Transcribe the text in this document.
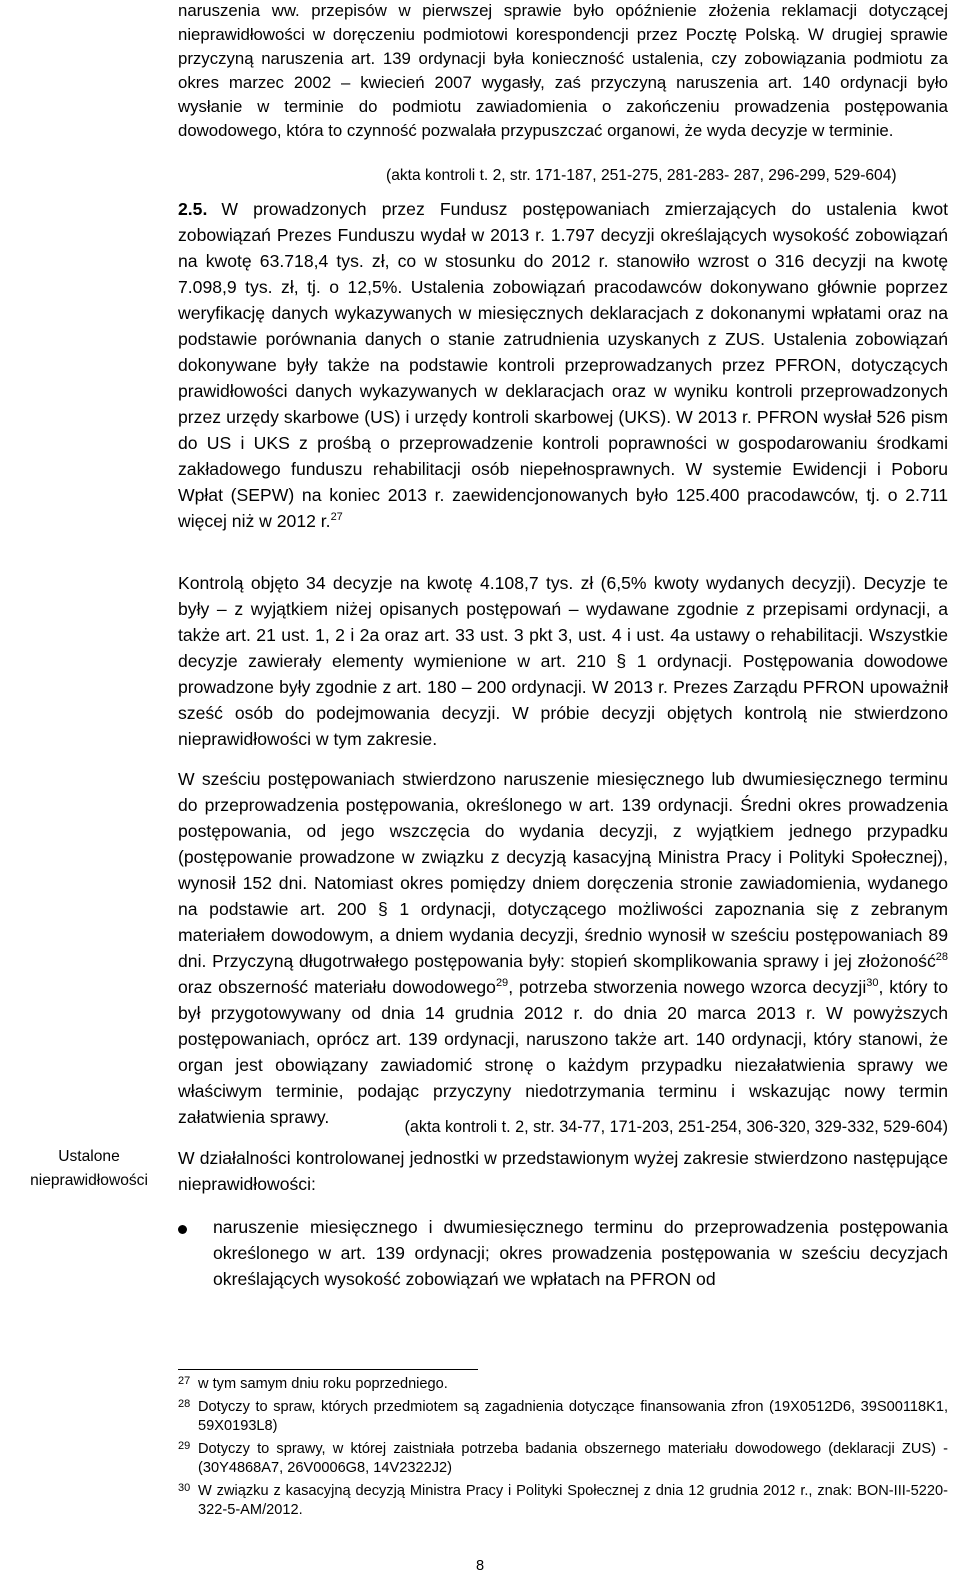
naruszenia ww. przepisów w pierwszej sprawie było opóźnienie złożenia reklamacji dotyczącej nieprawidłowości w doręczeniu podmiotowi korespondencji przez Pocztę Polską. W drugiej sprawie przyczyną naruszenia art. 139 ordynacji była konieczność ustalenia, czy zobowiązania podmiotu za okres marzec 2002 – kwiecień 2007 wygasły, zaś przyczyną naruszenia art. 140 ordynacji było wysłanie w terminie do podmiotu zawiadomienia o zakończeniu prowadzenia postępowania dowodowego, która to czynność pozwalała przypuszczać organowi, że wyda decyzje w terminie.

(akta kontroli t. 2, str. 171-187, 251-275, 281-283- 287, 296-299, 529-604)

2.5. W prowadzonych przez Fundusz postępowaniach zmierzających do ustalenia kwot zobowiązań Prezes Funduszu wydał w 2013 r. 1.797 decyzji określających wysokość zobowiązań na kwotę 63.718,4 tys. zł, co w stosunku do 2012 r. stanowiło wzrost o 316 decyzji na kwotę 7.098,9 tys. zł, tj. o 12,5%. Ustalenia zobowiązań pracodawców dokonywano głównie poprzez weryfikację danych wykazywanych w miesięcznych deklaracjach z dokonanymi wpłatami oraz na podstawie porównania danych o stanie zatrudnienia uzyskanych z ZUS. Ustalenia zobowiązań dokonywane były także na podstawie kontroli przeprowadzanych przez PFRON, dotyczących prawidłowości danych wykazywanych w deklaracjach oraz w wyniku kontroli przeprowadzonych przez urzędy skarbowe (US) i urzędy kontroli skarbowej (UKS). W 2013 r. PFRON wysłał 526 pism do US i UKS z prośbą o przeprowadzenie kontroli poprawności w gospodarowaniu środkami zakładowego funduszu rehabilitacji osób niepełnosprawnych. W systemie Ewidencji i Poboru Wpłat (SEPW) na koniec 2013 r. zaewidencjonowanych było 125.400 pracodawców, tj. o 2.711 więcej niż w 2012 r.$^{27}$

Kontrolą objęto 34 decyzje na kwotę 4.108,7 tys. zł (6,5% kwoty wydanych decyzji). Decyzje te były – z wyjątkiem niżej opisanych postępowań – wydawane zgodnie z przepisami ordynacji, a także art. 21 ust. 1, 2 i 2a oraz art. 33 ust. 3 pkt 3, ust. 4 i ust. 4a ustawy o rehabilitacji. Wszystkie decyzje zawierały elementy wymienione w art. 210 § 1 ordynacji. Postępowania dowodowe prowadzone były zgodnie z art. 180 – 200 ordynacji. W 2013 r. Prezes Zarządu PFRON upoważnił sześć osób do podejmowania decyzji. W próbie decyzji objętych kontrolą nie stwierdzono nieprawidłowości w tym zakresie.

W sześciu postępowaniach stwierdzono naruszenie miesięcznego lub dwumiesięcznego terminu do przeprowadzenia postępowania, określonego w art. 139 ordynacji. Średni okres prowadzenia postępowania, od jego wszczęcia do wydania decyzji, z wyjątkiem jednego przypadku (postępowanie prowadzone w związku z decyzją kasacyjną Ministra Pracy i Polityki Społecznej), wynosił 152 dni. Natomiast okres pomiędzy dniem doręczenia stronie zawiadomienia, wydanego na podstawie art. 200 § 1 ordynacji, dotyczącego możliwości zapoznania się z zebranym materiałem dowodowym, a dniem wydania decyzji, średnio wynosił w sześciu postępowaniach 89 dni. Przyczyną długotrwałego postępowania były: stopień skomplikowania sprawy i jej złożoność$^{28}$ oraz obszerność materiału dowodowego$^{29}$, potrzeba stworzenia nowego wzorca decyzji$^{30}$, który to był przygotowywany od dnia 14 grudnia 2012 r. do dnia 20 marca 2013 r. W powyższych postępowaniach, oprócz art. 139 ordynacji, naruszono także art. 140 ordynacji, który stanowi, że organ jest obowiązany zawiadomić stronę o każdym przypadku niezałatwienia sprawy we właściwym terminie, podając przyczyny niedotrzymania terminu i wskazując nowy termin załatwienia sprawy.	(akta kontroli t. 2, str. 34-77, 171-203, 251-254, 306-320, 329-332, 529-604)

W działalności kontrolowanej jednostki w przedstawionym wyżej zakresie stwierdzono następujące nieprawidłowości:

naruszenie miesięcznego i dwumiesięcznego terminu do przeprowadzenia postępowania określonego w art. 139 ordynacji; okres prowadzenia postępowania w sześciu decyzjach określających wysokość zobowiązań we wpłatach na PFRON od

Ustalone
nieprawidłowości
27 w tym samym dniu roku poprzedniego.
28 Dotyczy to spraw, których przedmiotem są zagadnienia dotyczące finansowania zfron (19X0512D6, 39S00118K1, 59X0193L8)
29 Dotyczy to sprawy, w której zaistniała potrzeba badania obszernego materiału dowodowego (deklaracji ZUS) - (30Y4868A7, 26V0006G8, 14V2322J2)
30 W związku z kasacyjną decyzją Ministra Pracy i Polityki Społecznej z dnia 12 grudnia 2012 r., znak: BON-III-5220-322-5-AM/2012.
8
